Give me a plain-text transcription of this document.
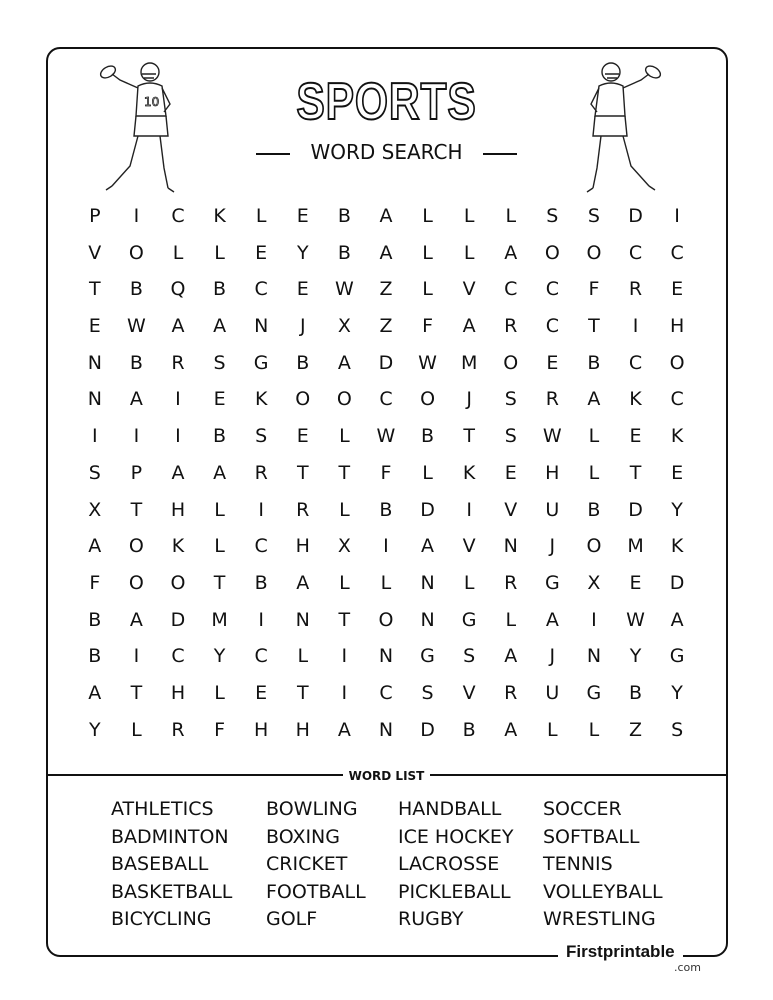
10	SPORTS
WORD SEARCH
P	I	C	K	L	E	B	A	L	L	L	S	S	D	I
V	O	L	L	E	Y	B	A	L	L	A	O	O	C	C
T	B	Q	B	C	E	W	Z	L	V	C	C	F	R	E
E	W	A	A	N	J	X	Z	F	A	R	C	T	I	H
N	B	R	S	G	B	A	D	W	M	O	E	B	C	O
N	A	I	E	K	O	O	C	O	J	S	R	A	K	C
I	I	I	B	S	E	L	W	B	T	S	W	L	E	K
S	P	A	A	R	T	T	F	L	K	E	H	L	T	E
X	T	H	L	I	R	L	B	D	I	V	U	B	D	Y
A	O	K	L	C	H	X	I	A	V	N	J	O	M	K
F	O	O	T	B	A	L	L	N	L	R	G	X	E	D
B	A	D	M	I	N	T	O	N	G	L	A	I	W	A
B	I	C	Y	C	L	I	N	G	S	A	J	N	Y	G
A	T	H	L	E	T	I	C	S	V	R	U	G	B	Y
Y	L	R	F	H	H	A	N	D	B	A	L	L	Z	S
WORD LIST
ATHLETICS
BADMINTON
BASEBALL
BASKETBALL
BICYCLING
BOWLING
BOXING
CRICKET
FOOTBALL
GOLF
HANDBALL
ICE HOCKEY
LACROSSE
PICKLEBALL
RUGBY
SOCCER
SOFTBALL
TENNIS
VOLLEYBALL
WRESTLING
Firstprintable
.com
